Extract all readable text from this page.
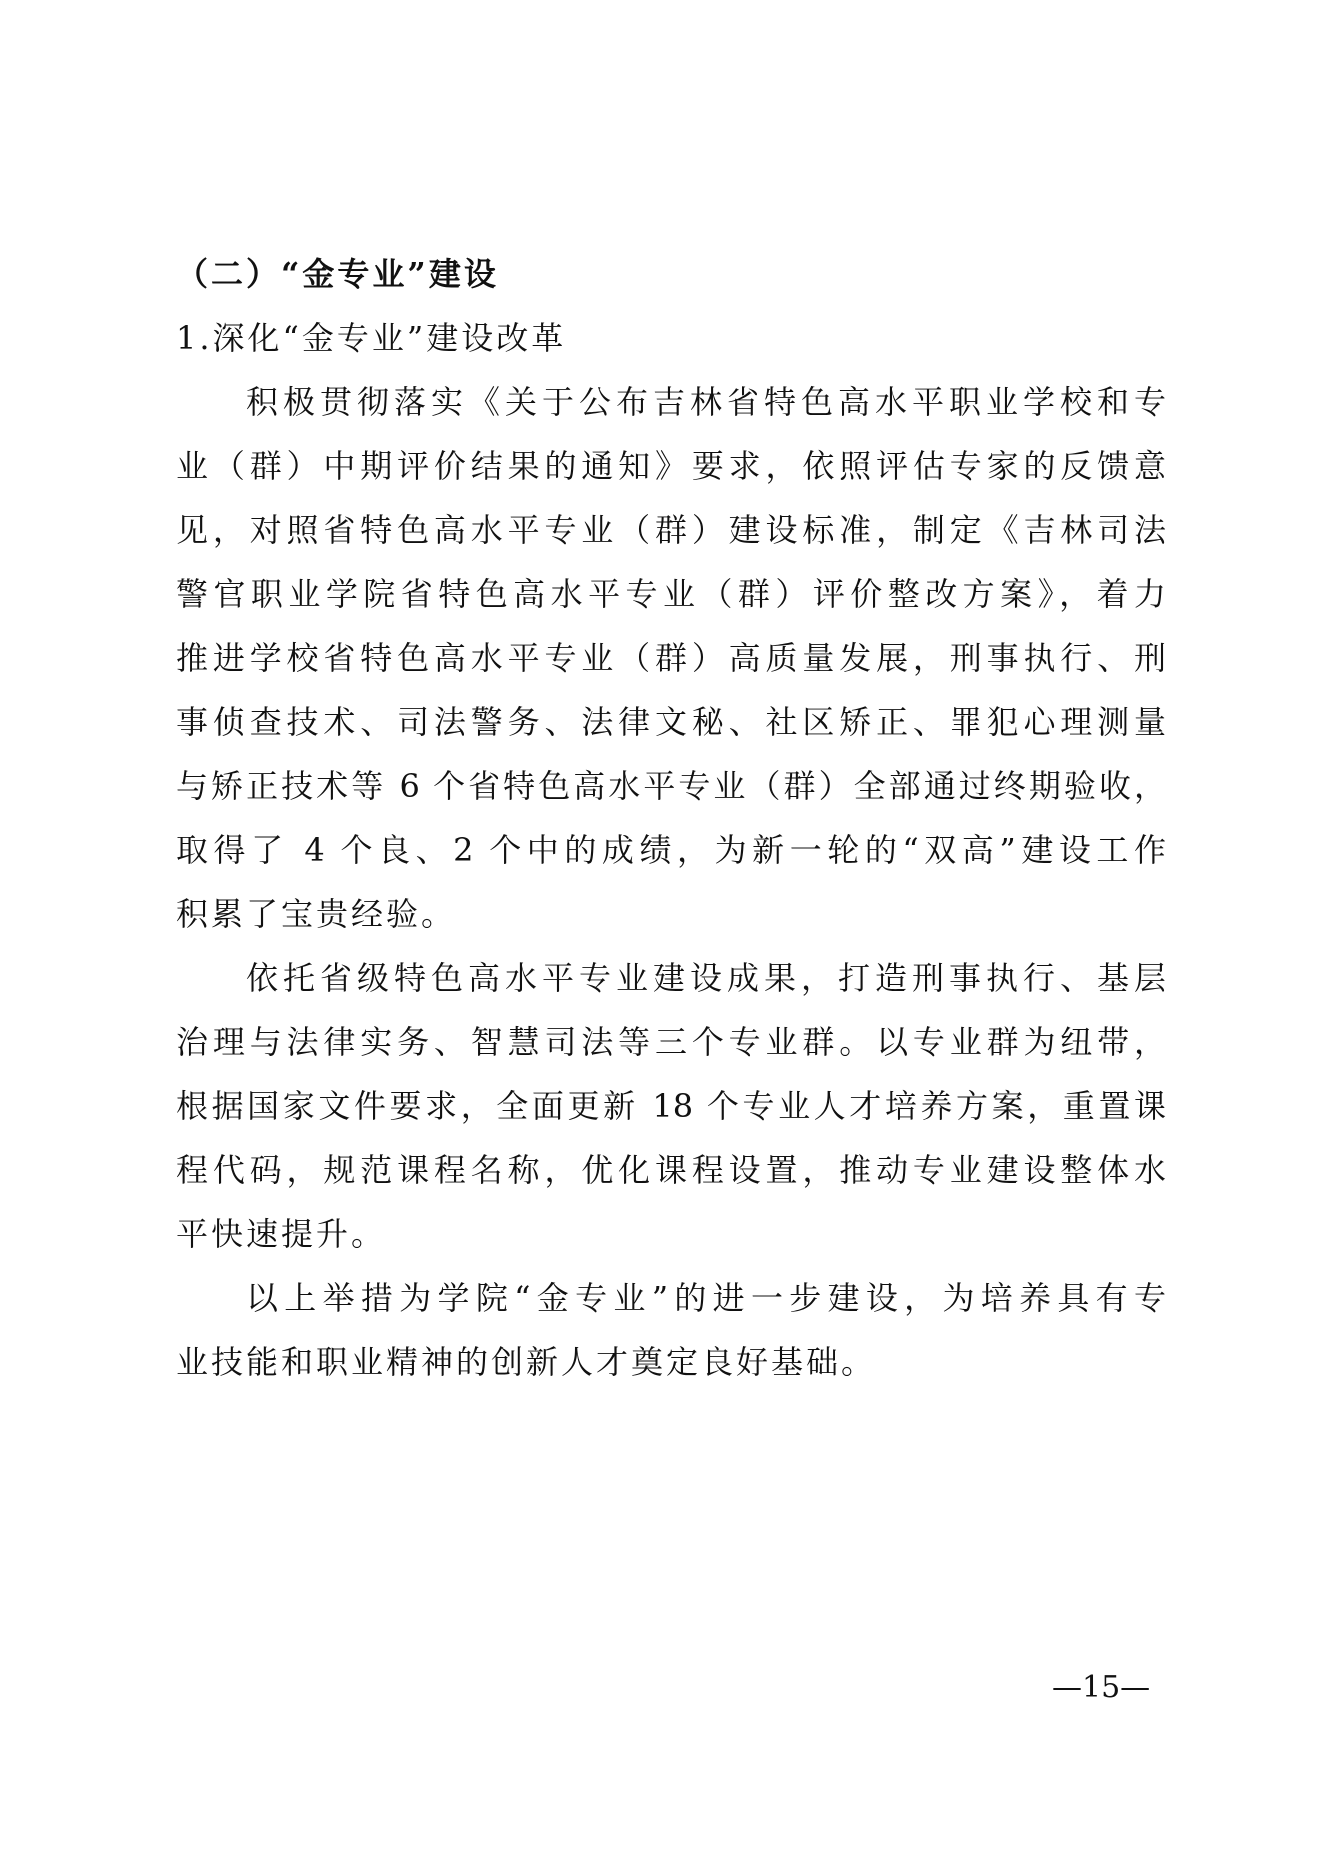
（二）“金专业”建设
1.深化“金专业”建设改革
积极贯彻落实《关于公布吉林省特色高水平职业学校和专
业（群）中期评价结果的通知》要求，依照评估专家的反馈意
见，对照省特色高水平专业（群）建设标准，制定《吉林司法
警官职业学院省特色高水平专业（群）评价整改方案》，着力
推进学校省特色高水平专业（群）高质量发展，刑事执行、刑
事侦查技术、司法警务、法律文秘、社区矫正、罪犯心理测量
与矫正技术等 6 个省特色高水平专业（群）全部通过终期验收，
取得了 4 个良、2 个中的成绩，为新一轮的“双高”建设工作
积累了宝贵经验。
依托省级特色高水平专业建设成果，打造刑事执行、基层
治理与法律实务、智慧司法等三个专业群。以专业群为纽带，
根据国家文件要求，全面更新 18 个专业人才培养方案，重置课
程代码，规范课程名称，优化课程设置，推动专业建设整体水
平快速提升。
以上举措为学院“金专业”的进一步建设，为培养具有专
业技能和职业精神的创新人才奠定良好基础。
—15—
